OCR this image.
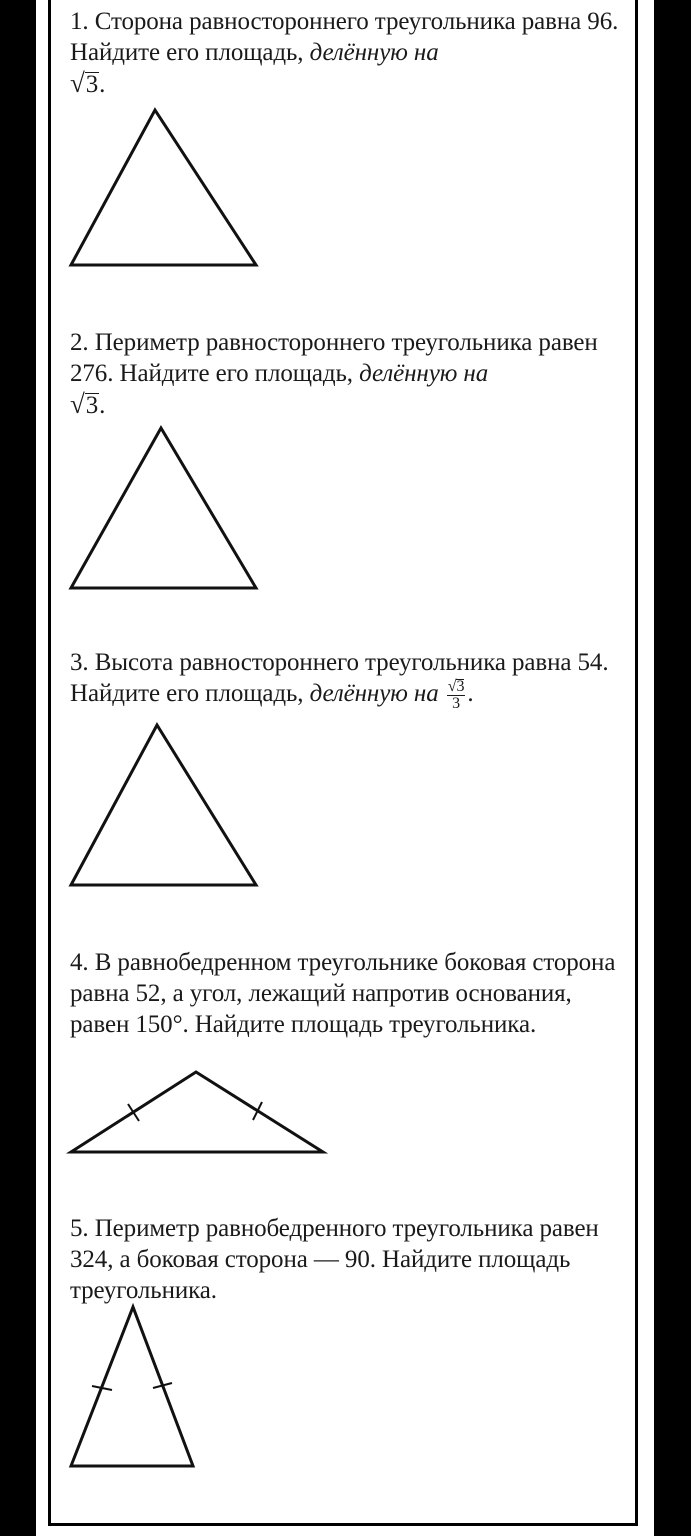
1. Сторона равностороннего треугольника равна 96. Найдите его площадь, делённую на
√3.

2. Периметр равностороннего треугольника равен 276. Найдите его площадь, делённую на
√3.

3. Высота равностороннего треугольника равна 54. Найдите его площадь, делённую на $\frac{√3}{3}$ .

4. В равнобедренном треугольнике боковая сторона равна 52, а угол, лежащий напротив основания, равен 150°. Найдите площадь треугольника.

5. Периметр равнобедренного треугольника равен 324, а боковая сторона — 90. Найдите площадь треугольника.
